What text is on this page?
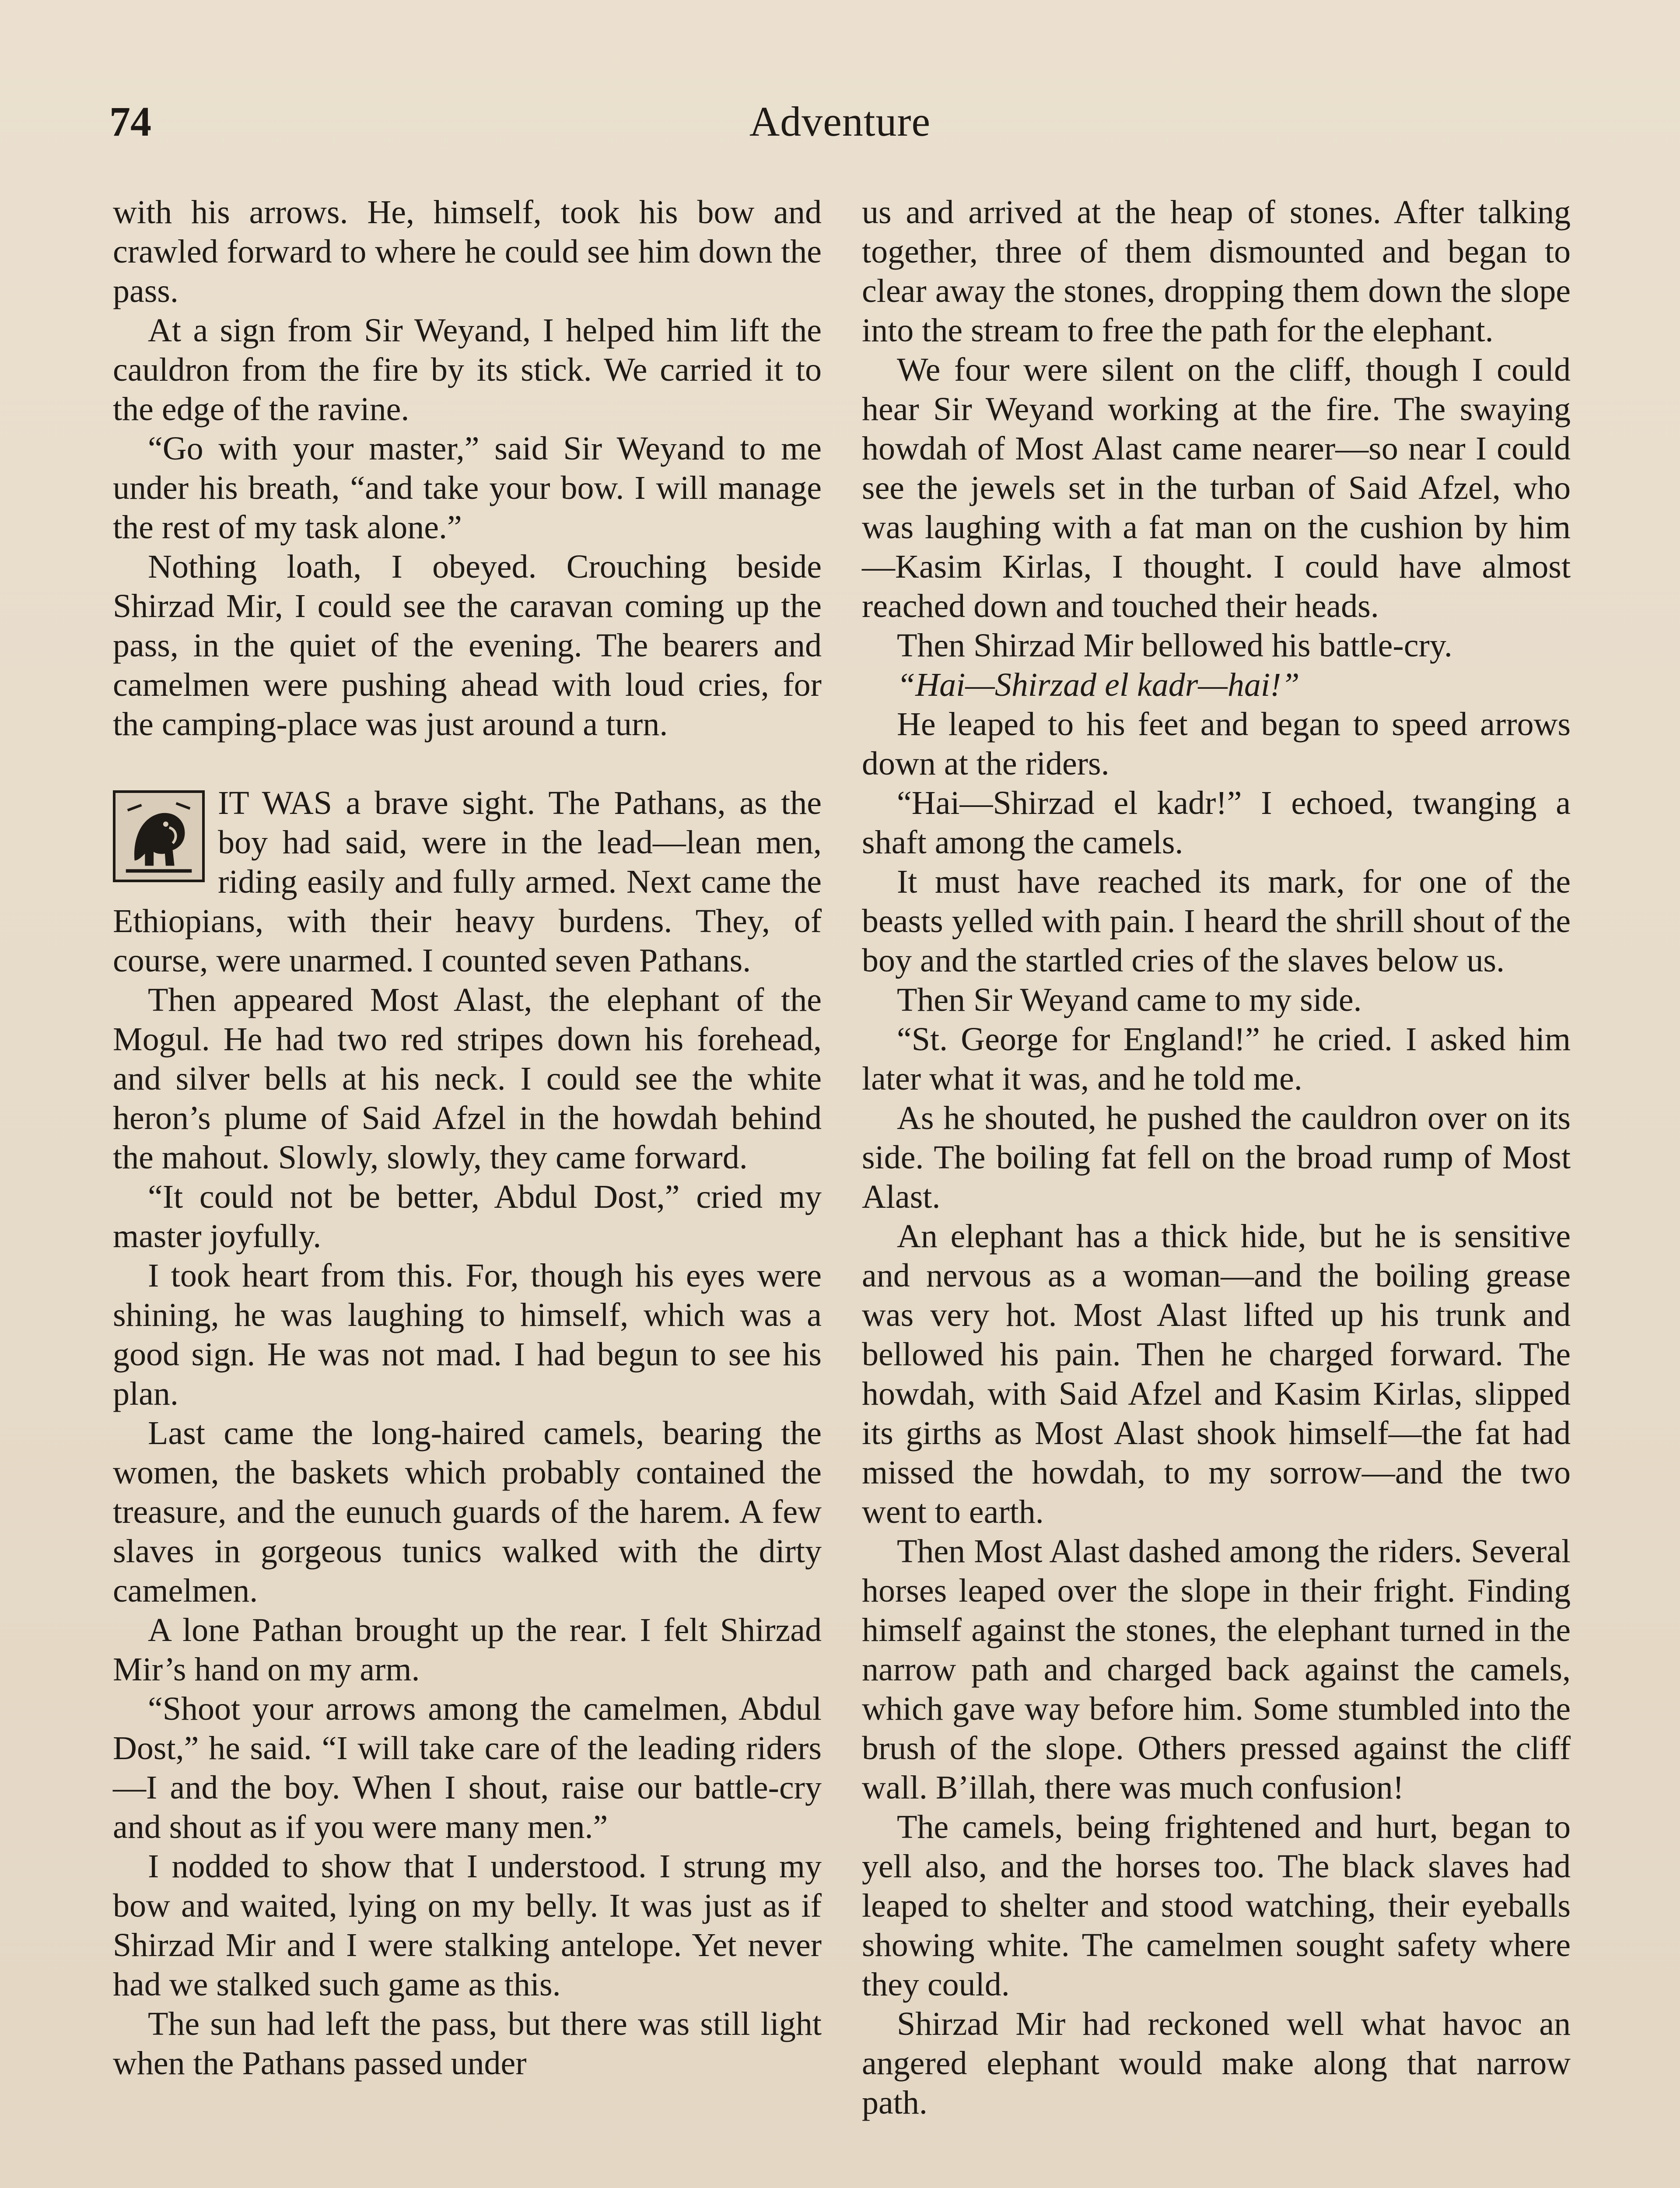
74	Adventure

with his arrows. He, himself, took his bow and crawled forward to where he could see him down the pass.

At a sign from Sir Weyand, I helped him lift the cauldron from the fire by its stick. We carried it to the edge of the ravine.

“Go with your master,” said Sir Weyand to me under his breath, “and take your bow. I will manage the rest of my task alone.”

Nothing loath, I obeyed. Crouching beside Shirzad Mir, I could see the caravan coming up the pass, in the quiet of the evening. The bearers and camelmen were pushing ahead with loud cries, for the camping-place was just around a turn.

IT WAS a brave sight. The Pathans, as the boy had said, were in the lead—lean men, riding easily and fully armed. Next came the Ethiopians, with their heavy burdens. They, of course, were unarmed. I counted seven Pathans.

Then appeared Most Alast, the elephant of the Mogul. He had two red stripes down his forehead, and silver bells at his neck. I could see the white heron’s plume of Said Afzel in the howdah behind the mahout. Slowly, slowly, they came forward.

“It could not be better, Abdul Dost,” cried my master joyfully.

I took heart from this. For, though his eyes were shining, he was laughing to himself, which was a good sign. He was not mad. I had begun to see his plan.

Last came the long-haired camels, bearing the women, the baskets which probably contained the treasure, and the eunuch guards of the harem. A few slaves in gorgeous tunics walked with the dirty camelmen.

A lone Pathan brought up the rear. I felt Shirzad Mir’s hand on my arm.

“Shoot your arrows among the camelmen, Abdul Dost,” he said. “I will take care of the leading riders—I and the boy. When I shout, raise our battle-cry and shout as if you were many men.”

I nodded to show that I understood. I strung my bow and waited, lying on my belly. It was just as if Shirzad Mir and I were stalking antelope. Yet never had we stalked such game as this.

The sun had left the pass, but there was still light when the Pathans passed under

us and arrived at the heap of stones. After talking together, three of them dismounted and began to clear away the stones, dropping them down the slope into the stream to free the path for the elephant.

We four were silent on the cliff, though I could hear Sir Weyand working at the fire. The swaying howdah of Most Alast came nearer—so near I could see the jewels set in the turban of Said Afzel, who was laughing with a fat man on the cushion by him—Kasim Kirlas, I thought. I could have almost reached down and touched their heads.

Then Shirzad Mir bellowed his battle-cry.

“Hai—Shirzad el kadr—hai!”

He leaped to his feet and began to speed arrows down at the riders.

“Hai—Shirzad el kadr!” I echoed, twanging a shaft among the camels.

It must have reached its mark, for one of the beasts yelled with pain. I heard the shrill shout of the boy and the startled cries of the slaves below us.

Then Sir Weyand came to my side.

“St. George for England!” he cried. I asked him later what it was, and he told me.

As he shouted, he pushed the cauldron over on its side. The boiling fat fell on the broad rump of Most Alast.

An elephant has a thick hide, but he is sensitive and nervous as a woman—and the boiling grease was very hot. Most Alast lifted up his trunk and bellowed his pain. Then he charged forward. The howdah, with Said Afzel and Kasim Kirlas, slipped its girths as Most Alast shook himself—the fat had missed the howdah, to my sorrow—and the two went to earth.

Then Most Alast dashed among the riders. Several horses leaped over the slope in their fright. Finding himself against the stones, the elephant turned in the narrow path and charged back against the camels, which gave way before him. Some stumbled into the brush of the slope. Others pressed against the cliff wall. B’illah, there was much confusion!

The camels, being frightened and hurt, began to yell also, and the horses too. The black slaves had leaped to shelter and stood watching, their eyeballs showing white. The camelmen sought safety where they could.

Shirzad Mir had reckoned well what havoc an angered elephant would make along that narrow path.
